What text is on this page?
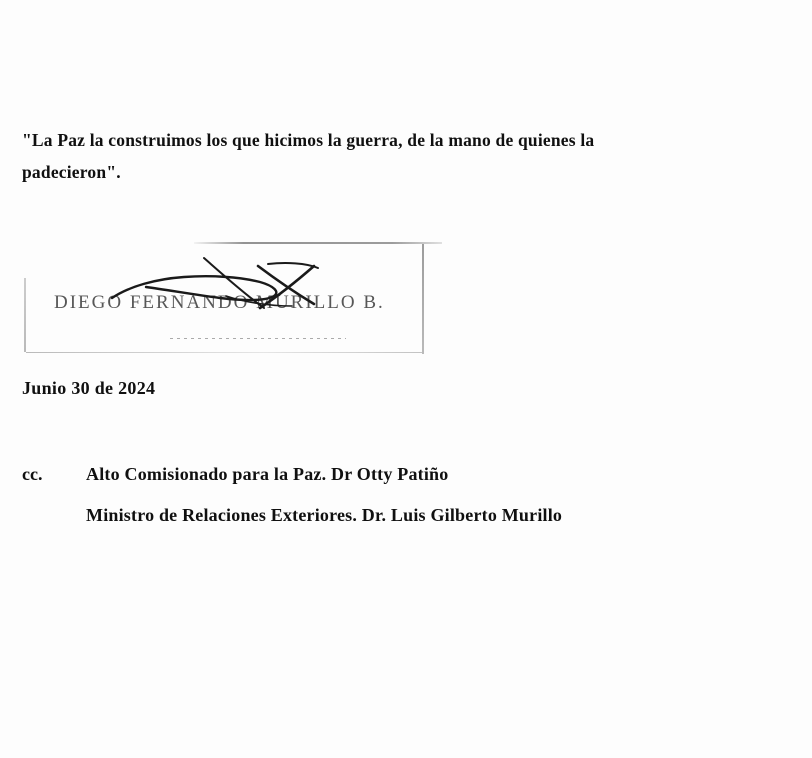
"La Paz la construimos los que hicimos la guerra, de la mano de quienes la
padecieron".
DIEGO FERNANDO MURILLO B.
Junio 30 de 2024
cc.	Alto Comisionado para la Paz. Dr Otty Patiño
Ministro de Relaciones Exteriores. Dr. Luis Gilberto Murillo
